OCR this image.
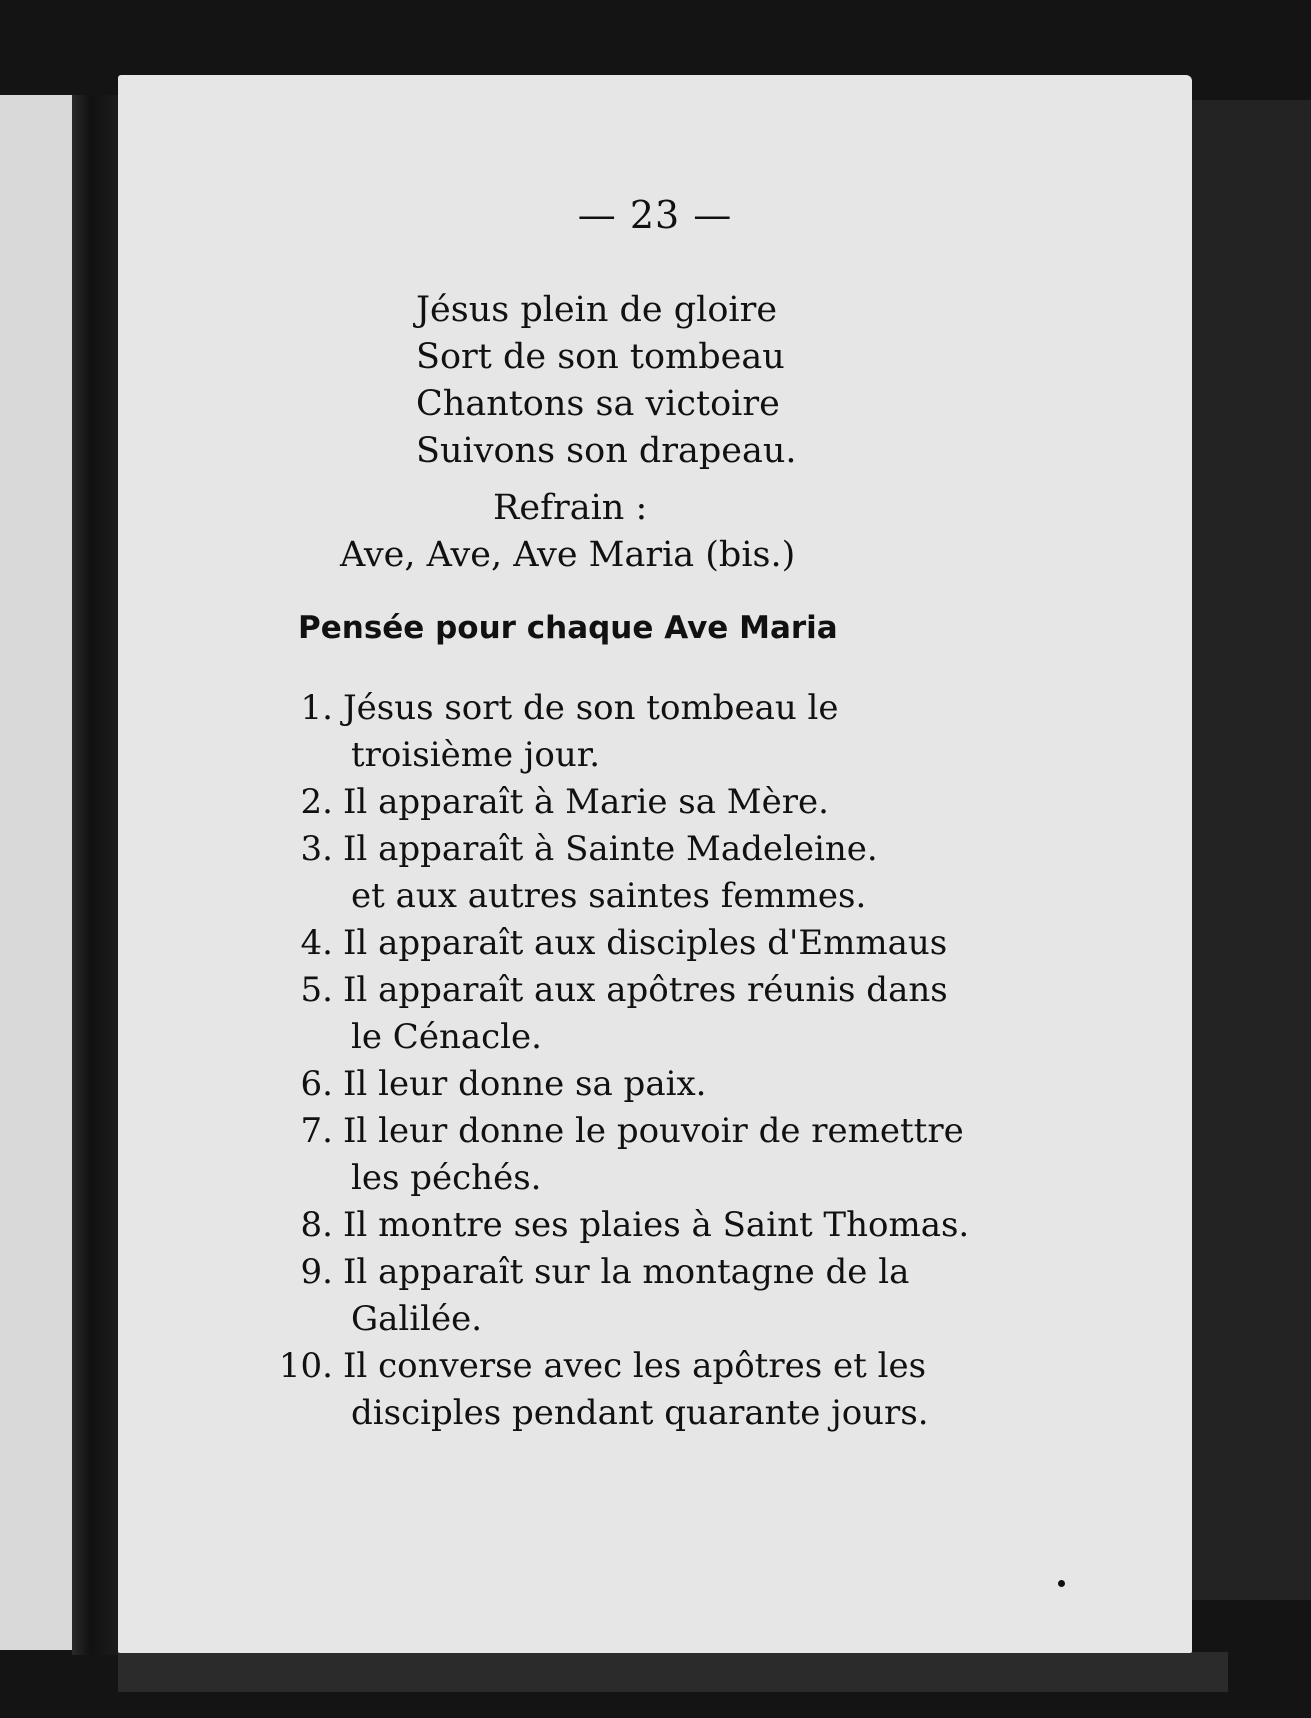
— 23 —
Jésus plein de gloire
Sort de son tombeau
Chantons sa victoire
Suivons son drapeau.
Refrain :
Ave, Ave, Ave Maria (bis.)
Pensée pour chaque Ave Maria
1. Jésus sort de son tombeau le
troisième jour.
2. Il apparaît à Marie sa Mère.
3. Il apparaît à Sainte Madeleine.
et aux autres saintes femmes.
4. Il apparaît aux disciples d'Emmaus
5. Il apparaît aux apôtres réunis dans
le Cénacle.
6. Il leur donne sa paix.
7. Il leur donne le pouvoir de remettre
les péchés.
8. Il montre ses plaies à Saint Thomas.
9. Il apparaît sur la montagne de la
Galilée.
10. Il converse avec les apôtres et les
disciples pendant quarante jours.
